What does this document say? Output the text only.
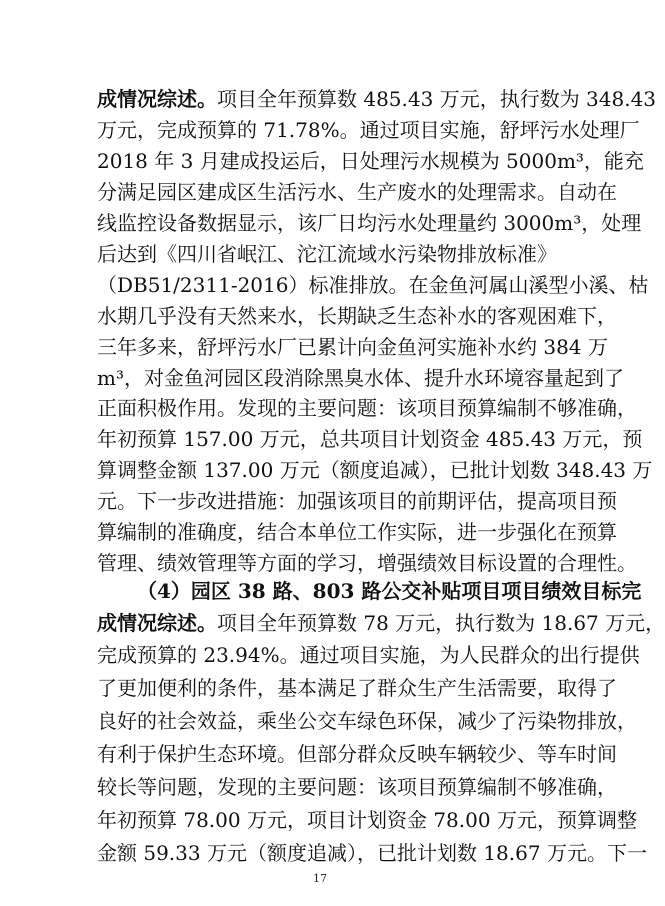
成情况综述。项目全年预算数 485.43 万元，执行数为 348.43
万元，完成预算的 71.78%。通过项目实施，舒坪污水处理厂
2018 年 3 月建成投运后，日处理污水规模为 5000m³，能充
分满足园区建成区生活污水、生产废水的处理需求。自动在
线监控设备数据显示，该厂日均污水处理量约 3000m³，处理
后达到《四川省岷江、沱江流域水污染物排放标准》
（DB51/2311-2016）标准排放。在金鱼河属山溪型小溪、枯
水期几乎没有天然来水，长期缺乏生态补水的客观困难下，
三年多来，舒坪污水厂已累计向金鱼河实施补水约 384 万
m³，对金鱼河园区段消除黑臭水体、提升水环境容量起到了
正面积极作用。发现的主要问题：该项目预算编制不够准确，
年初预算 157.00 万元，总共项目计划资金 485.43 万元，预
算调整金额 137.00 万元（额度追减），已批计划数 348.43 万
元。下一步改进措施：加强该项目的前期评估，提高项目预
算编制的准确度，结合本单位工作实际，进一步强化在预算
管理、绩效管理等方面的学习，增强绩效目标设置的合理性。
（4）园区 38 路、803 路公交补贴项目项目绩效目标完
成情况综述。项目全年预算数 78 万元，执行数为 18.67 万元，
完成预算的 23.94%。通过项目实施，为人民群众的出行提供
了更加便利的条件，基本满足了群众生产生活需要，取得了
良好的社会效益，乘坐公交车绿色环保，减少了污染物排放，
有利于保护生态环境。但部分群众反映车辆较少、等车时间
较长等问题，发现的主要问题：该项目预算编制不够准确，
年初预算 78.00 万元，项目计划资金 78.00 万元，预算调整
金额 59.33 万元（额度追减），已批计划数 18.67 万元。下一
17
